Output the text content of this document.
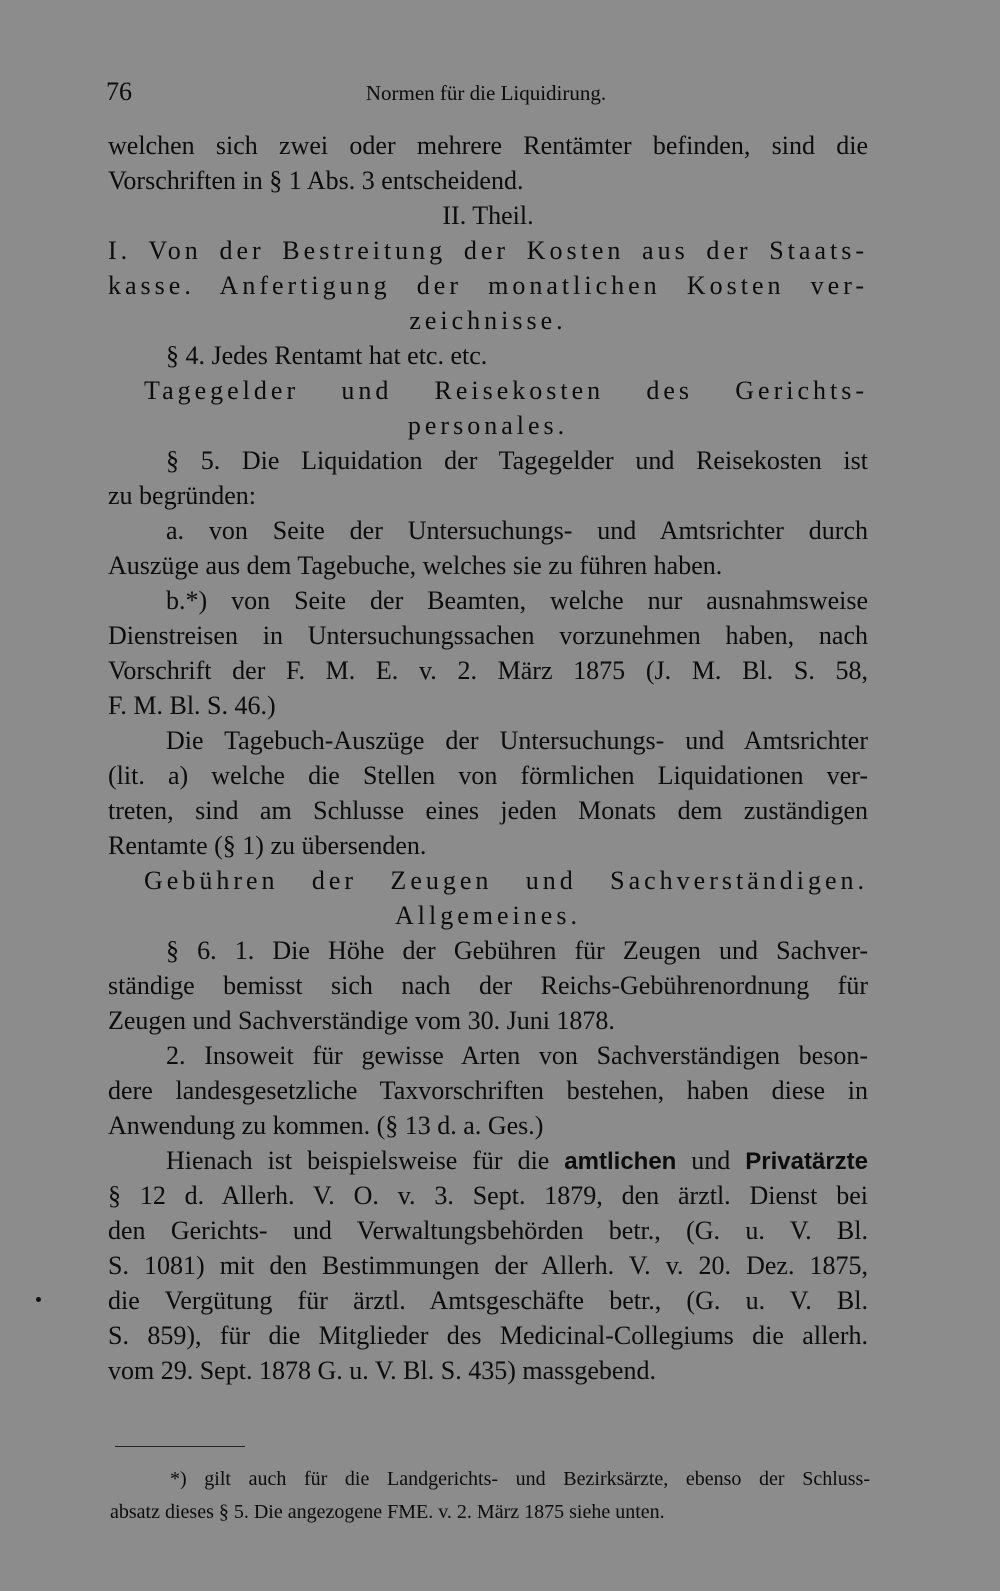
76	Normen für die Liquidirung.
welchen sich zwei oder mehrere Rentämter befinden, sind die
Vorschriften in § 1 Abs. 3 entscheidend.
II. Theil.
I. Von der Bestreitung der Kosten aus der Staats-
kasse. Anfertigung der monatlichen Kosten ver-
zeichnisse.
§ 4. Jedes Rentamt hat etc. etc.
Tagegelder und Reisekosten des Gerichts-
personales.
§ 5. Die Liquidation der Tagegelder und Reisekosten ist
zu begründen:
a. von Seite der Untersuchungs- und Amtsrichter durch
Auszüge aus dem Tagebuche, welches sie zu führen haben.
b.*) von Seite der Beamten, welche nur ausnahmsweise
Dienstreisen in Untersuchungssachen vorzunehmen haben, nach
Vorschrift der F. M. E. v. 2. März 1875 (J. M. Bl. S. 58,
F. M. Bl. S. 46.)
Die Tagebuch-Auszüge der Untersuchungs- und Amtsrichter
(lit. a) welche die Stellen von förmlichen Liquidationen ver-
treten, sind am Schlusse eines jeden Monats dem zuständigen
Rentamte (§ 1) zu übersenden.
Gebühren der Zeugen und Sachverständigen.
Allgemeines.
§ 6. 1. Die Höhe der Gebühren für Zeugen und Sachver-
ständige bemisst sich nach der Reichs-Gebührenordnung für
Zeugen und Sachverständige vom 30. Juni 1878.
2. Insoweit für gewisse Arten von Sachverständigen beson-
dere landesgesetzliche Taxvorschriften bestehen, haben diese in
Anwendung zu kommen. (§ 13 d. a. Ges.)
Hienach ist beispielsweise für die amtlichen und Privatärzte
§ 12 d. Allerh. V. O. v. 3. Sept. 1879, den ärztl. Dienst bei
den Gerichts- und Verwaltungsbehörden betr., (G. u. V. Bl.
S. 1081) mit den Bestimmungen der Allerh. V. v. 20. Dez. 1875,
die Vergütung für ärztl. Amtsgeschäfte betr., (G. u. V. Bl.
S. 859), für die Mitglieder des Medicinal-Collegiums die allerh.
vom 29. Sept. 1878 G. u. V. Bl. S. 435) massgebend.
*) gilt auch für die Landgerichts- und Bezirksärzte, ebenso der Schluss-
absatz dieses § 5. Die angezogene FME. v. 2. März 1875 siehe unten.
